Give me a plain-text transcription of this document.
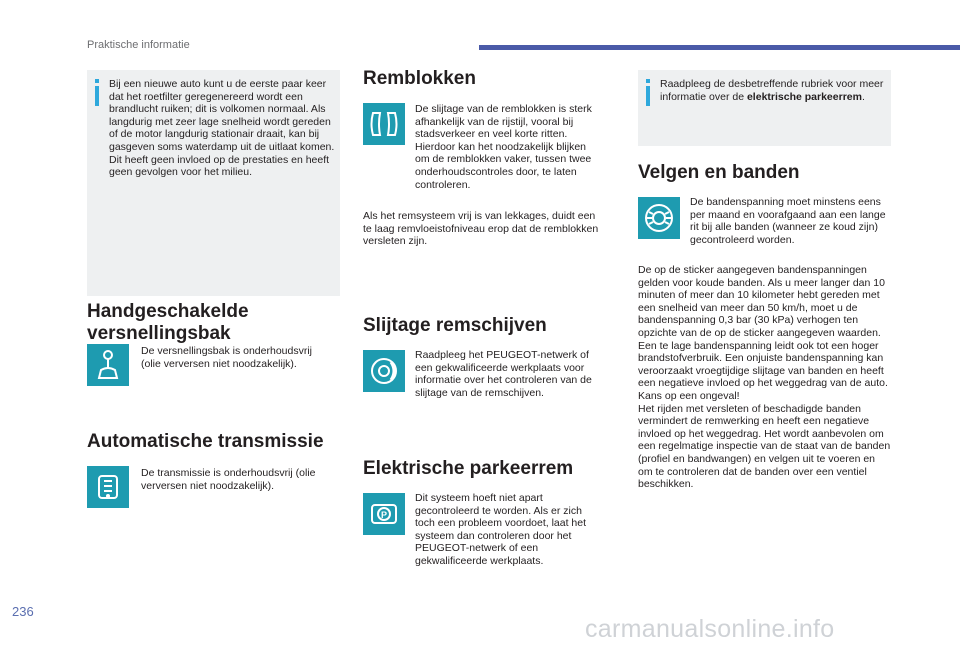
Praktische informatie
Bij een nieuwe auto kunt u de eerste paar keer dat het roetfilter geregenereerd wordt een brandlucht ruiken; dit is volkomen normaal. Als langdurig met zeer lage snelheid wordt gereden of de motor langdurig stationair draait, kan bij gasgeven soms waterdamp uit de uitlaat komen. Dit heeft geen invloed op de prestaties en heeft geen gevolgen voor het milieu.
Handgeschakelde versnellingsbak
De versnellingsbak is onderhoudsvrij (olie verversen niet noodzakelijk).
Automatische transmissie
De transmissie is onderhoudsvrij (olie verversen niet noodzakelijk).
Remblokken
De slijtage van de remblokken is sterk afhankelijk van de rijstijl, vooral bij stadsverkeer en veel korte ritten. Hierdoor kan het noodzakelijk blijken om de remblokken vaker, tussen twee onderhoudscontroles door, te laten controleren.
Als het remsysteem vrij is van lekkages, duidt een te laag remvloeistofniveau erop dat de remblokken versleten zijn.
Slijtage remschijven
Raadpleeg het PEUGEOT-netwerk of een gekwalificeerde werkplaats voor informatie over het controleren van de slijtage van de remschijven.
Elektrische parkeerrem
P
Dit systeem hoeft niet apart gecontroleerd te worden. Als er zich toch een probleem voordoet, laat het systeem dan controleren door het PEUGEOT-netwerk of een gekwalificeerde werkplaats.
Raadpleeg de desbetreffende rubriek voor meer informatie over de elektrische parkeerrem.
Velgen en banden
De bandenspanning moet minstens eens per maand en voorafgaand aan een lange rit bij alle banden (wanneer ze koud zijn) gecontroleerd worden.
De op de sticker aangegeven bandenspanningen gelden voor koude banden. Als u meer langer dan 10 minuten of meer dan 10 kilometer hebt gereden met een snelheid van meer dan 50 km/h, moet u de bandenspanning 0,3 bar (30 kPa) verhogen ten opzichte van de op de sticker aangegeven waarden. Een te lage bandenspanning leidt ook tot een hoger brandstofverbruik. Een onjuiste bandenspanning kan veroorzaakt vroegtijdige slijtage van banden en heeft een negatieve invloed op het weggedrag van de auto. Kans op een ongeval!
Het rijden met versleten of beschadigde banden vermindert de remwerking en heeft een negatieve invloed op het weggedrag. Het wordt aanbevolen om een regelmatige inspectie van de staat van de banden (profiel en bandwangen) en velgen uit te voeren en om te controleren dat de banden over een ventiel beschikken.
236
carmanualsonline.info
